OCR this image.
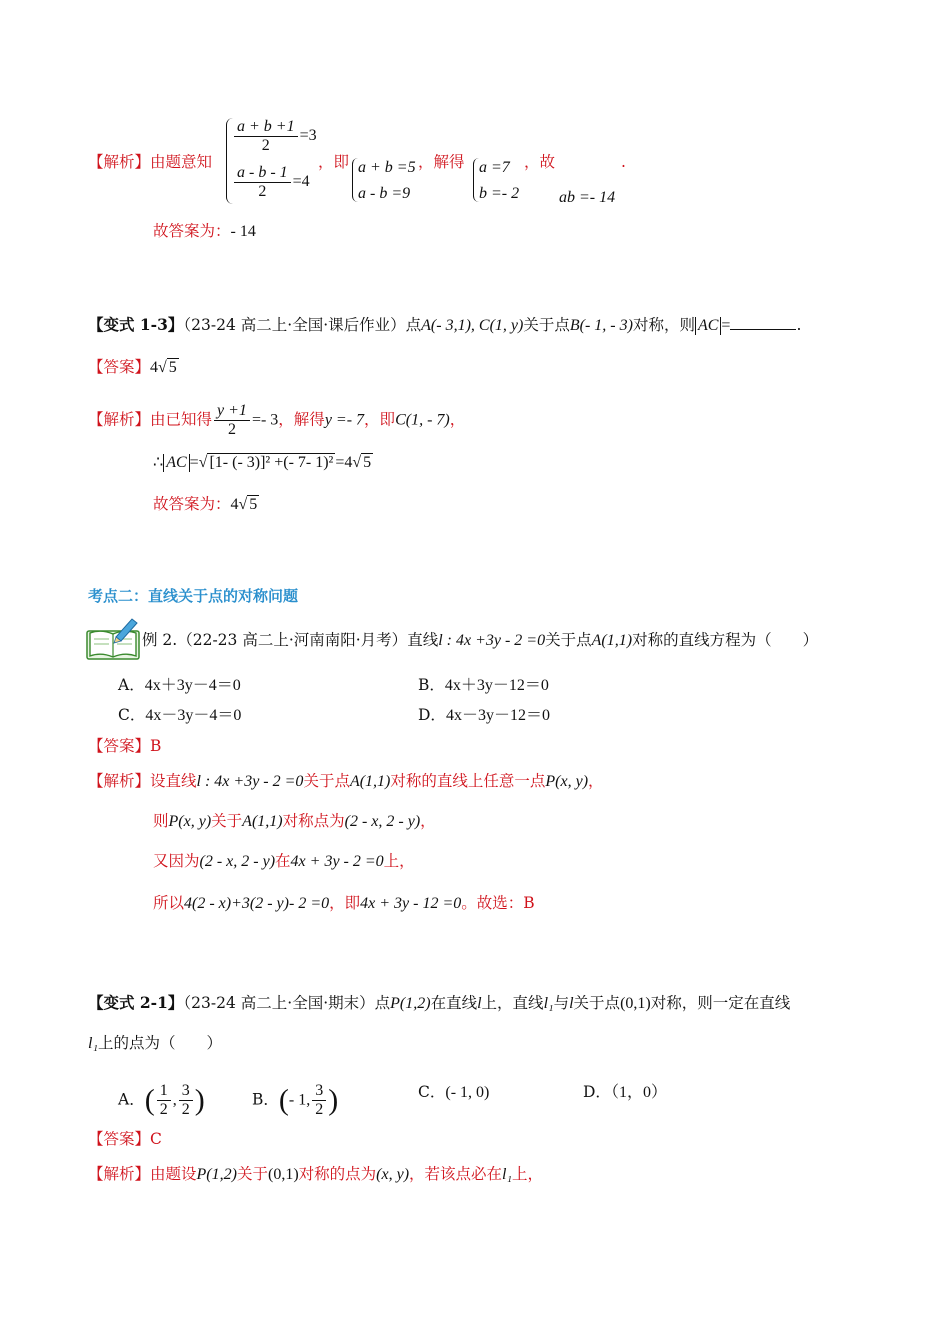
【解析】由题意知
$\frac{a + b +1}{2} =3$
$\frac{a - b - 1}{2} =4$
，即 a + b =5
a - b =9
，解得 a =7
b =- 2
，故
ab =- 14
.
故答案为：- 14
【变式 1-3】（23-24 高二上·全国·课后作业）点A(- 3,1), C(1, y)关于点B(- 1, - 3)对称，则 AC =	.
【答案】4√ 5
【解析】由已知得 $\frac{y +1}{2} =- 3$，解得y =- 7，即C(1, - 7)，
∴ AC =√ [1- (- 3)]² +(- 7- 1)² =4√ 5
故答案为：4√ 5
考点二：直线关于点的对称问题
例 2.（22-23 高二上·河南南阳·月考）直线l : 4x +3y - 2 =0关于点A(1,1)对称的直线方程为（　　）
A．4x＋3y－4＝0	B．4x＋3y－12＝0
C．4x－3y－4＝0	D．4x－3y－12＝0
【答案】B
【解析】设直线l : 4x +3y - 2 =0关于点A(1,1)对称的直线上任意一点P(x, y)，
则P(x, y)关于A(1,1)对称点为(2 - x, 2 - y)，
又因为(2 - x, 2 - y)在4x + 3y - 2 =0上，
所以4(2 - x)+3(2 - y)- 2 =0，即4x + 3y - 12 =0。故选：B
【变式 2-1】（23-24 高二上·全国·期末）点P(1,2)在直线l上，直线l₁与l关于点(0,1)对称，则一定在直线
l₁上的点为（　　）
A．( $\frac{1}{2}$ , $\frac{3}{2}$ )	B．(- 1, $\frac{3}{2}$ )	C．(- 1, 0)	D．（1，0）
【答案】C
【解析】由题设P(1,2)关于(0,1)对称的点为(x, y)，若该点必在l₁上，
